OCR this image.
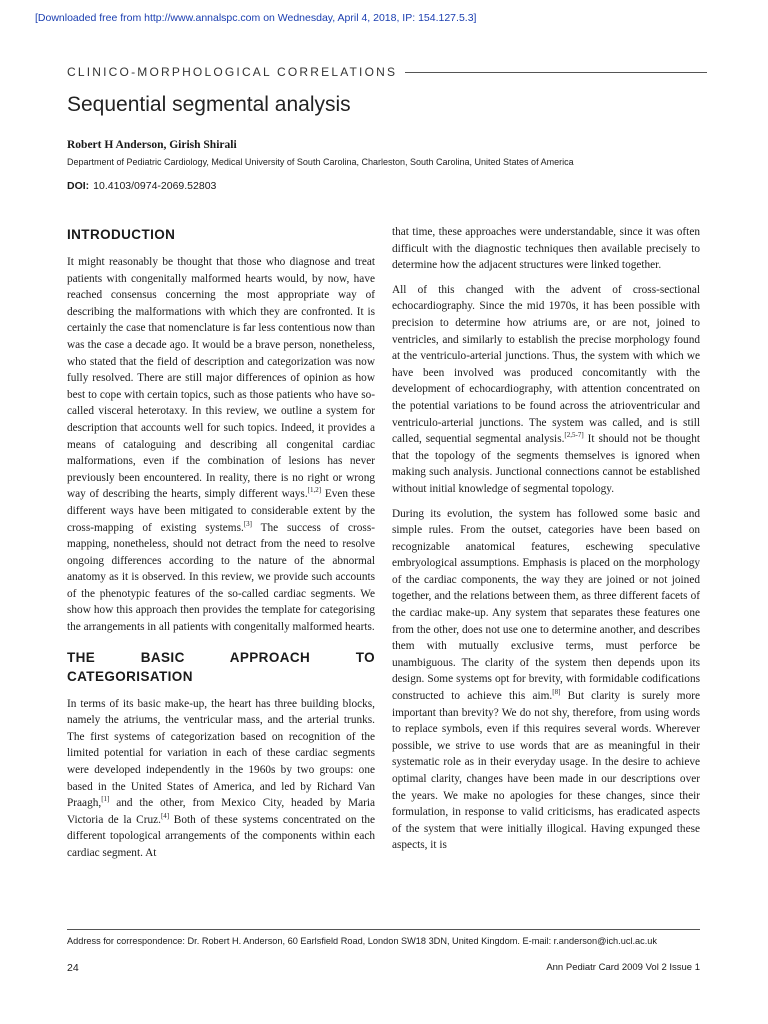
[Downloaded free from http://www.annalspc.com on Wednesday, April 4, 2018, IP: 154.127.5.3]
CLINICO-MORPHOLOGICAL CORRELATIONS
Sequential segmental analysis
Robert H Anderson, Girish Shirali
Department of Pediatric Cardiology, Medical University of South Carolina, Charleston, South Carolina, United States of America
DOI: 10.4103/0974-2069.52803
INTRODUCTION

It might reasonably be thought that those who diagnose and treat patients with congenitally malformed hearts would, by now, have reached consensus concerning the most appropriate way of describing the malformations with which they are confronted. It is certainly the case that nomenclature is far less contentious now than was the case a decade ago. It would be a brave person, nonetheless, who stated that the field of description and categorization was now fully resolved. There are still major differences of opinion as how best to cope with certain topics, such as those patients who have so-called visceral heterotaxy. In this review, we outline a system for description that accounts well for such topics. Indeed, it provides a means of cataloguing and describing all congenital cardiac malformations, even if the combination of lesions has never previously been encountered. In reality, there is no right or wrong way of describing the hearts, simply different ways.[1,2] Even these different ways have been mitigated to considerable extent by the cross-mapping of existing systems.[3] The success of cross-mapping, nonetheless, should not detract from the need to resolve ongoing differences according to the nature of the abnormal anatomy as it is observed. In this review, we provide such accounts of the phenotypic features of the so-called cardiac segments. We show how this approach then provides the template for categorising the arrangements in all patients with congenitally malformed hearts.

THE BASIC APPROACH TO CATEGORISATION

In terms of its basic make-up, the heart has three building blocks, namely the atriums, the ventricular mass, and the arterial trunks. The first systems of categorization based on recognition of the limited potential for variation in each of these cardiac segments were developed independently in the 1960s by two groups: one based in the United States of America, and led by Richard Van Praagh,[1] and the other, from Mexico City, headed by Maria Victoria de la Cruz.[4] Both of these systems concentrated on the different topological arrangements of the components within each cardiac segment. At

that time, these approaches were understandable, since it was often difficult with the diagnostic techniques then available precisely to determine how the adjacent structures were linked together.

All of this changed with the advent of cross-sectional echocardiography. Since the mid 1970s, it has been possible with precision to determine how atriums are, or are not, joined to ventricles, and similarly to establish the precise morphology found at the ventriculo-arterial junctions. Thus, the system with which we have been involved was produced concomitantly with the development of echocardiography, with attention concentrated on the potential variations to be found across the atrioventricular and ventriculo-arterial junctions. The system was called, and is still called, sequential segmental analysis.[2,5-7] It should not be thought that the topology of the segments themselves is ignored when making such analysis. Junctional connections cannot be established without initial knowledge of segmental topology.

During its evolution, the system has followed some basic and simple rules. From the outset, categories have been based on recognizable anatomical features, eschewing speculative embryological assumptions. Emphasis is placed on the morphology of the cardiac components, the way they are joined or not joined together, and the relations between them, as three different facets of the cardiac make-up. Any system that separates these features one from the other, does not use one to determine another, and describes them with mutually exclusive terms, must perforce be unambiguous. The clarity of the system then depends upon its design. Some systems opt for brevity, with formidable codifications constructed to achieve this aim.[8] But clarity is surely more important than brevity? We do not shy, therefore, from using words to replace symbols, even if this requires several words. Wherever possible, we strive to use words that are as meaningful in their systematic role as in their everyday usage. In the desire to achieve optimal clarity, changes have been made in our descriptions over the years. We make no apologies for these changes, since their formulation, in response to valid criticisms, has eradicated aspects of the system that were initially illogical. Having expunged these aspects, it is

Address for correspondence: Dr. Robert H. Anderson, 60 Earlsfield Road, London SW18 3DN, United Kingdom. E-mail: r.anderson@ich.ucl.ac.uk
24	Ann Pediatr Card 2009 Vol 2 Issue 1
